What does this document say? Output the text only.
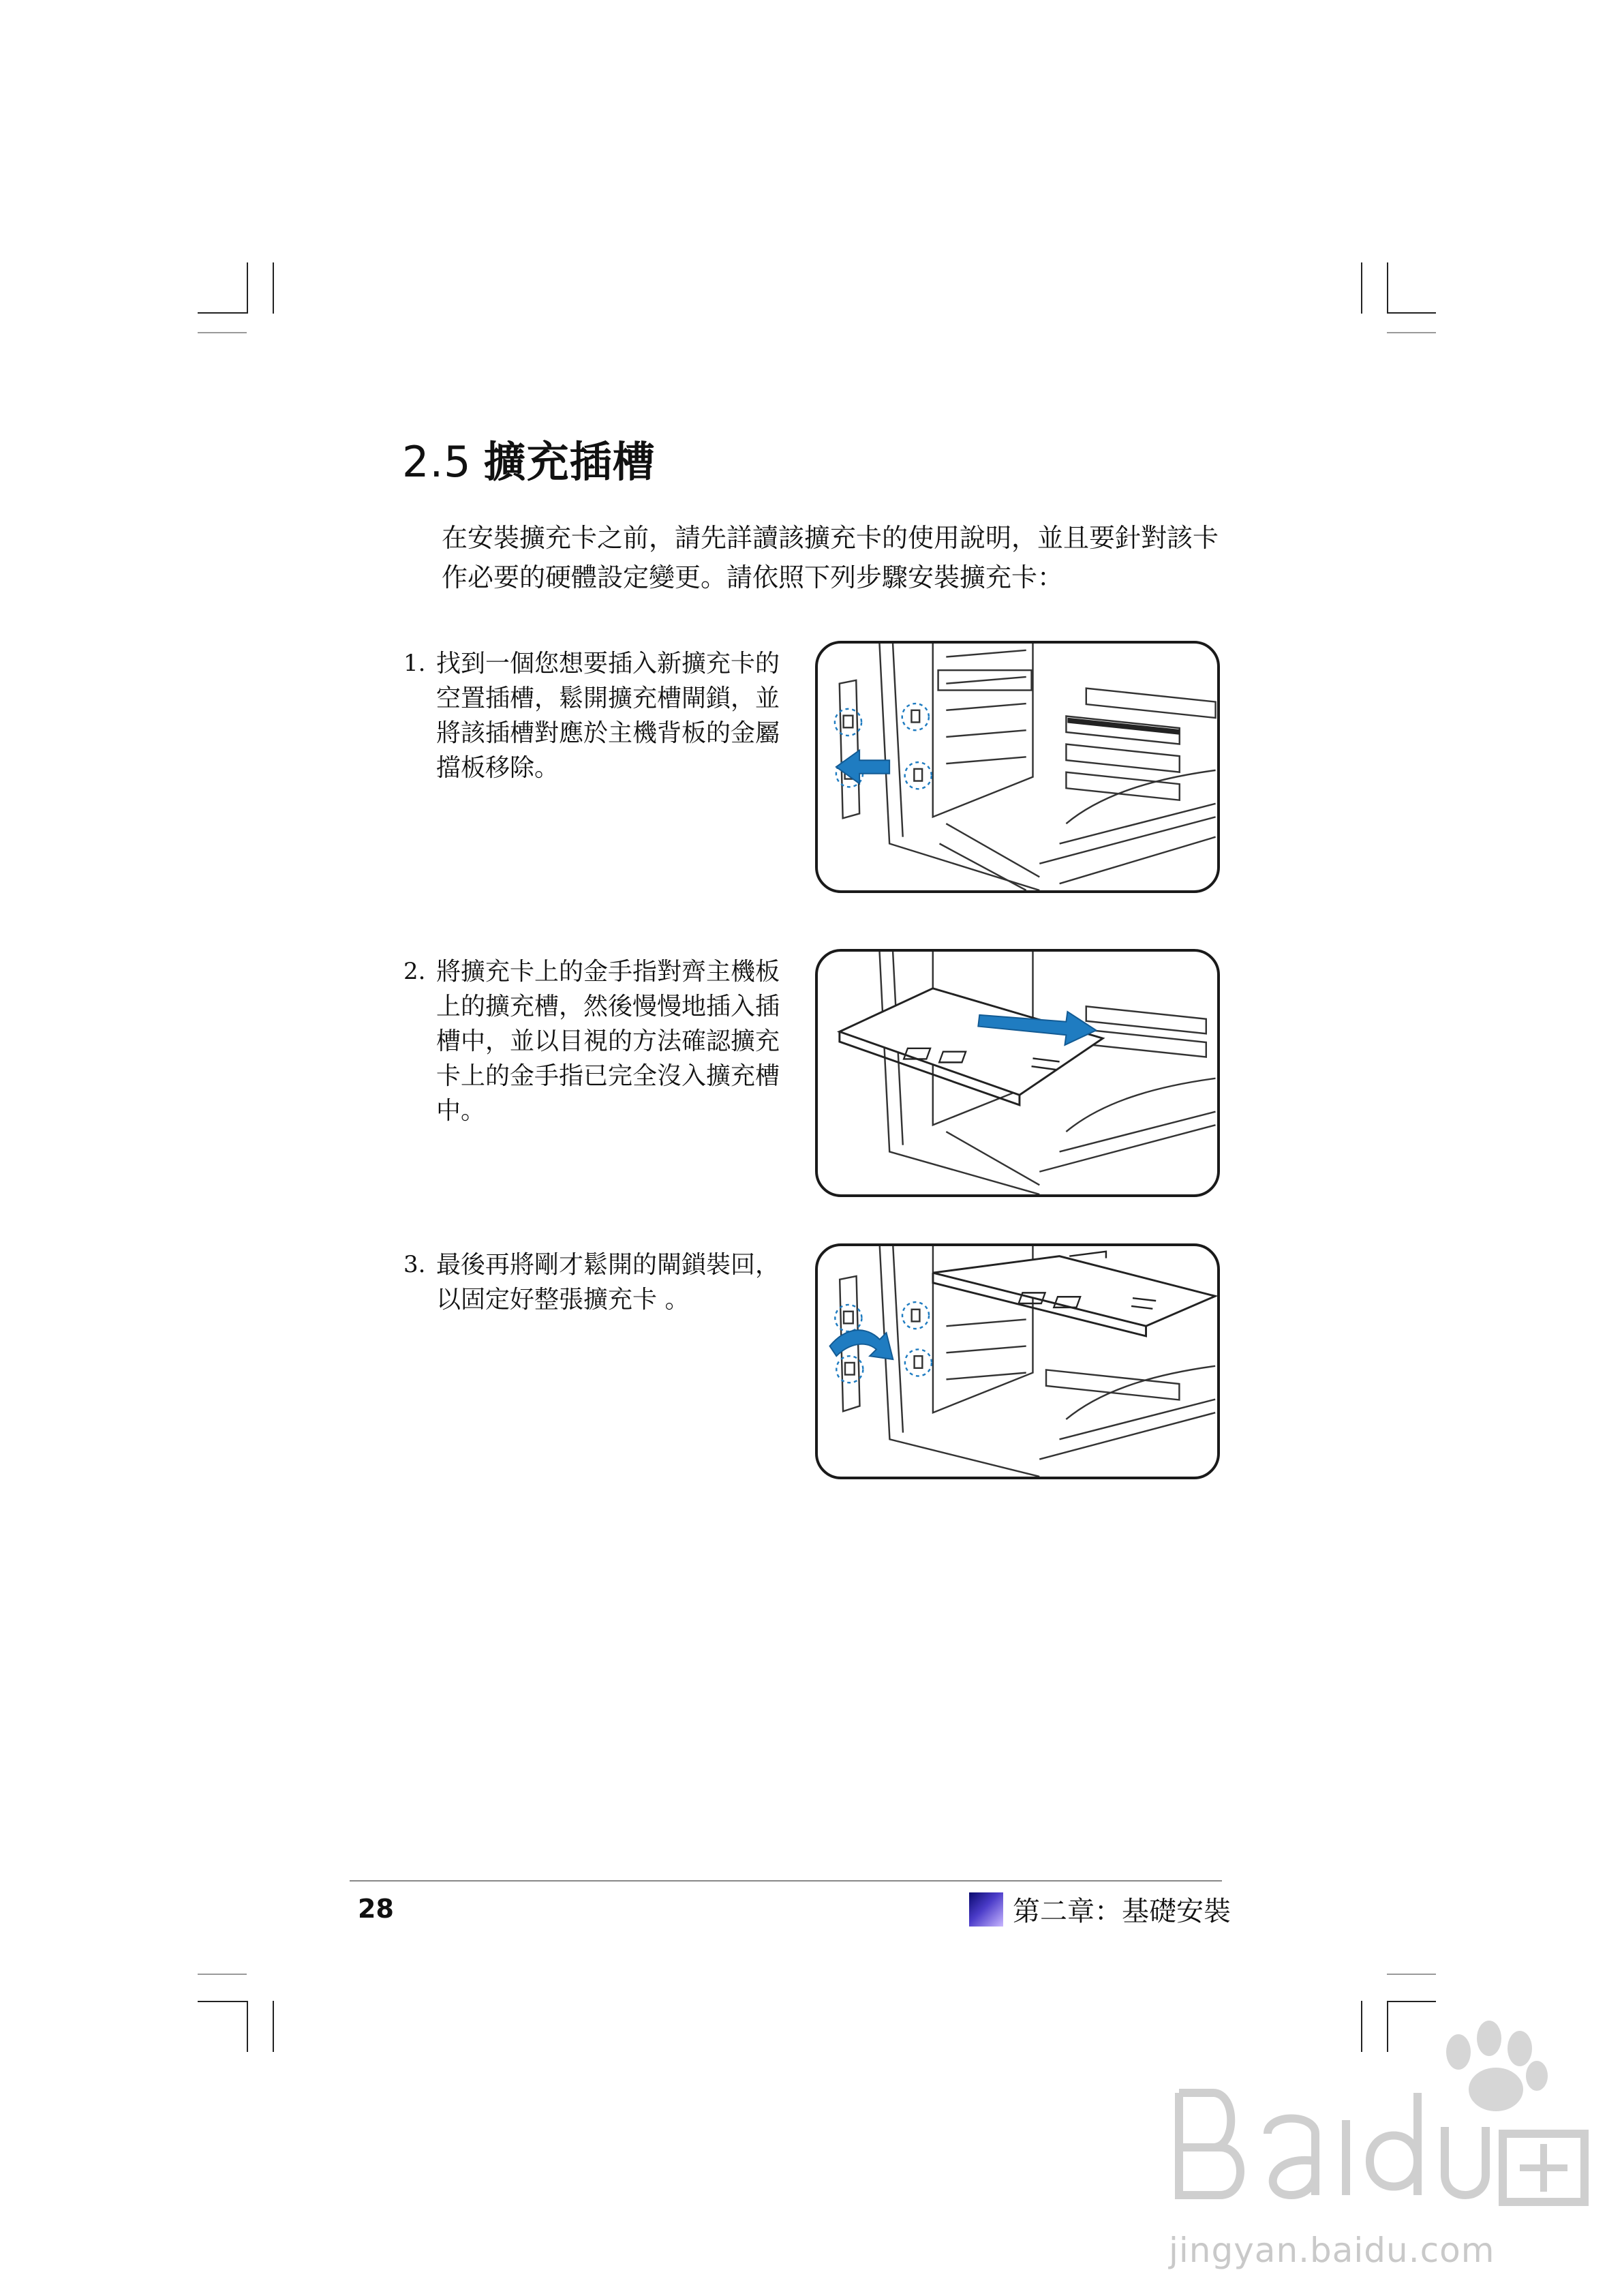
2.5 擴充插槽
在安裝擴充卡之前，請先詳讀該擴充卡的使用說明，並且要針對該卡作必要的硬體設定變更。請依照下列步驟安裝擴充卡：
1. 找到一個您想要插入新擴充卡的空置插槽，鬆開擴充槽閘鎖，並將該插槽對應於主機背板的金屬擋板移除。
2. 將擴充卡上的金手指對齊主機板上的擴充槽，然後慢慢地插入插槽中，並以目視的方法確認擴充卡上的金手指已完全沒入擴充槽中。
3. 最後再將剛才鬆開的閘鎖裝回，以固定好整張擴充卡 。
28	第二章：基礎安裝
jingyan.baidu.com
